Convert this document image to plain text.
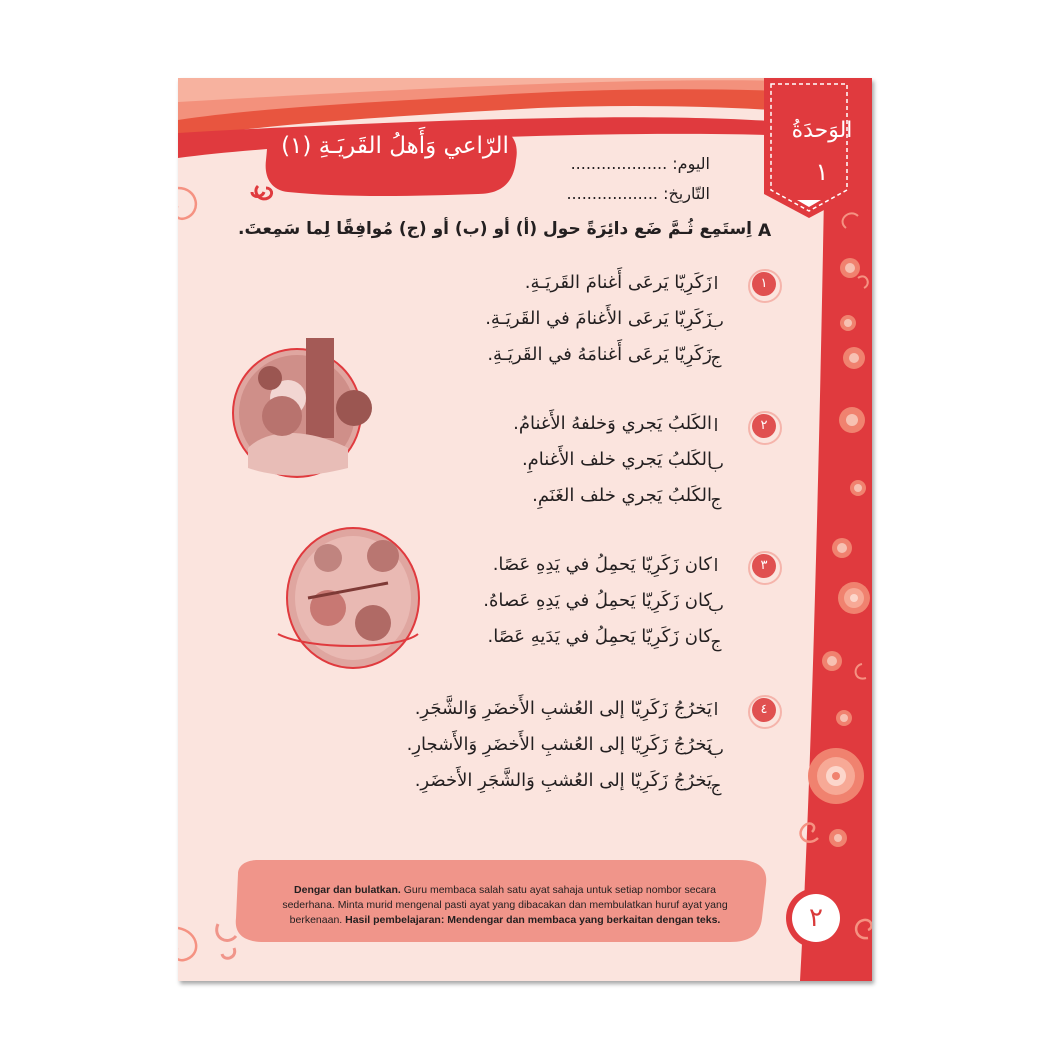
الرّاعي وَأَهلُ القَريَـةِ (١)
الوَحدَةُ
١
اليوم: ...................
التّاريخ: ..................
A
اِستَمِع ثُـمَّ ضَع دائِرَةً حول (أ) أو (ب) أو (ج) مُوافِقًا لِما سَمِعتَ.
١
ا
زَكَرِيّا يَرعَى أَغنامَ القَريَـةِ.
ب
زَكَرِيّا يَرعَى الأَغنامَ في القَريَـةِ.
ج
زَكَرِيّا يَرعَى أَغنامَهُ في القَريَـةِ.
٢
ا
الكَلبُ يَجري وَخلفهُ الأَغنامُ.
ب
الكَلبُ يَجري خلف الأَغنامِ.
ج
الكَلبُ يَجري خلف الغَنَمِ.
٣
ا
كان زَكَرِيّا يَحمِلُ في يَدِهِ عَصًا.
ب
كان زَكَرِيّا يَحمِلُ في يَدِهِ عَصاهُ.
ج
كان زَكَرِيّا يَحمِلُ في يَدَيهِ عَصًا.
٤
ا
يَخرُجُ زَكَرِيّا إلى العُشبِ الأَخضَرِ وَالشَّجَرِ.
ب
يَخرُجُ زَكَرِيّا إلى العُشبِ الأَخضَرِ وَالأَشجارِ.
ج
يَخرُجُ زَكَرِيّا إلى العُشبِ وَالشَّجَرِ الأَخضَرِ.
Dengar dan bulatkan. Guru membaca salah satu ayat sahaja untuk setiap nombor secara sederhana. Minta murid mengenal pasti ayat yang dibacakan dan membulatkan huruf ayat yang berkenaan. Hasil pembelajaran: Mendengar dan membaca yang berkaitan dengan teks.	٢
